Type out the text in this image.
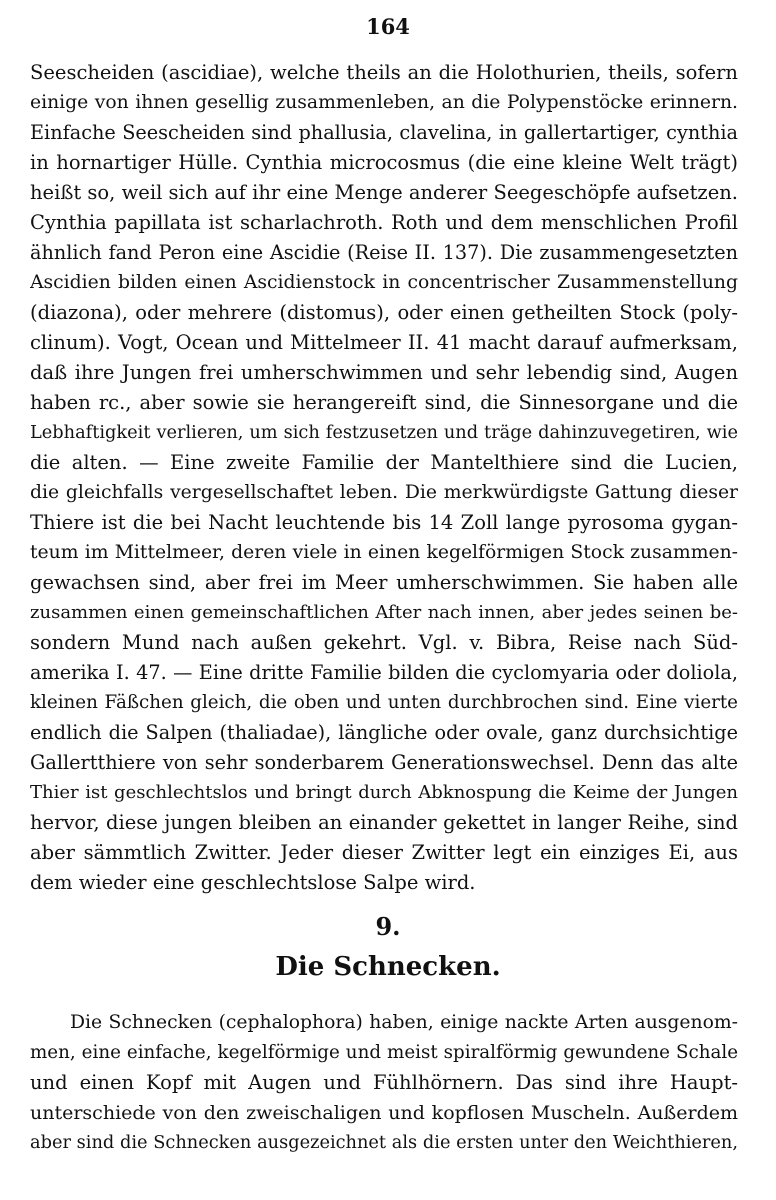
164
Seescheiden (ascidiae), welche theils an die Holothurien, theils, sofern
einige von ihnen gesellig zusammenleben, an die Polypenstöcke erinnern.
Einfache Seescheiden sind phallusia, clavelina, in gallertartiger, cynthia
in hornartiger Hülle. Cynthia microcosmus (die eine kleine Welt trägt)
heißt so, weil sich auf ihr eine Menge anderer Seegeschöpfe aufsetzen.
Cynthia papillata ist scharlachroth. Roth und dem menschlichen Profil
ähnlich fand Peron eine Ascidie (Reise II. 137). Die zusammengesetzten
Ascidien bilden einen Ascidienstock in concentrischer Zusammenstellung
(diazona), oder mehrere (distomus), oder einen getheilten Stock (poly-
clinum). Vogt, Ocean und Mittelmeer II. 41 macht darauf aufmerksam,
daß ihre Jungen frei umherschwimmen und sehr lebendig sind, Augen
haben rc., aber sowie sie herangereift sind, die Sinnesorgane und die
Lebhaftigkeit verlieren, um sich festzusetzen und träge dahinzuvegetiren, wie
die alten. — Eine zweite Familie der Mantelthiere sind die Lucien,
die gleichfalls vergesellschaftet leben. Die merkwürdigste Gattung dieser
Thiere ist die bei Nacht leuchtende bis 14 Zoll lange pyrosoma gygan-
teum im Mittelmeer, deren viele in einen kegelförmigen Stock zusammen-
gewachsen sind, aber frei im Meer umherschwimmen. Sie haben alle
zusammen einen gemeinschaftlichen After nach innen, aber jedes seinen be-
sondern Mund nach außen gekehrt. Vgl. v. Bibra, Reise nach Süd-
amerika I. 47. — Eine dritte Familie bilden die cyclomyaria oder doliola,
kleinen Fäßchen gleich, die oben und unten durchbrochen sind. Eine vierte
endlich die Salpen (thaliadae), längliche oder ovale, ganz durchsichtige
Gallertthiere von sehr sonderbarem Generationswechsel. Denn das alte
Thier ist geschlechtslos und bringt durch Abknospung die Keime der Jungen
hervor, diese jungen bleiben an einander gekettet in langer Reihe, sind
aber sämmtlich Zwitter. Jeder dieser Zwitter legt ein einziges Ei, aus
dem wieder eine geschlechtslose Salpe wird.
9.
Die Schnecken.
Die Schnecken (cephalophora) haben, einige nackte Arten ausgenom-
men, eine einfache, kegelförmige und meist spiralförmig gewundene Schale
und einen Kopf mit Augen und Fühlhörnern. Das sind ihre Haupt-
unterschiede von den zweischaligen und kopflosen Muscheln. Außerdem
aber sind die Schnecken ausgezeichnet als die ersten unter den Weichthieren,
